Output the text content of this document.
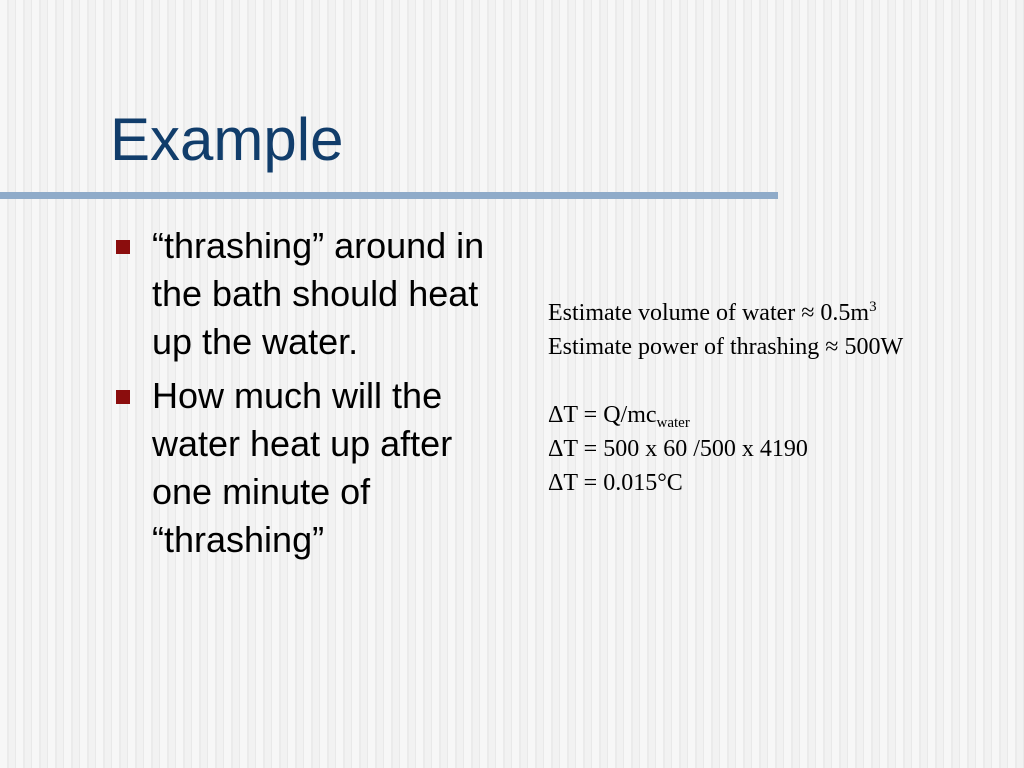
Example
“thrashing” around in the bath should heat up the water.
How much will the water heat up after one minute of “thrashing”
Estimate volume of water ≈ $0.5m^3$
Estimate power of thrashing ≈ 500W
$\Delta T = Q/mc_{water}$
ΔT = 500 x 60 /500 x 4190
ΔT = 0.015°C
